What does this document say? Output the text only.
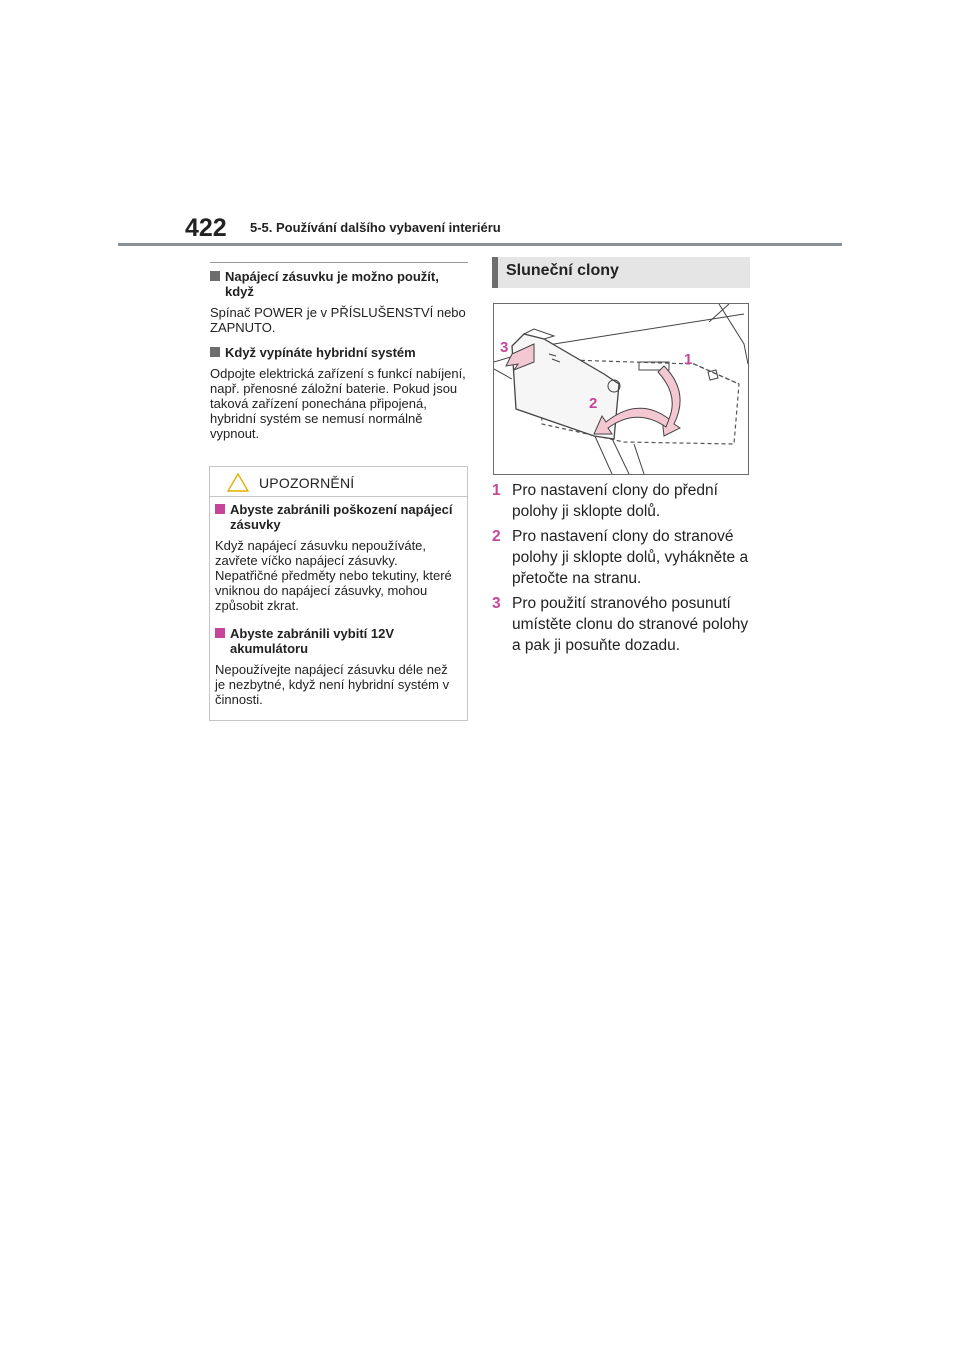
422 5-5. Používání dalšího vybavení interiéru
Napájecí zásuvku je možno použít, když
Spínač POWER je v PŘÍSLUŠENSTVÍ nebo ZAPNUTO.
Když vypínáte hybridní systém
Odpojte elektrická zařízení s funkcí nabíjení, např. přenosné záložní baterie. Pokud jsou taková zařízení ponechána připojená, hybridní systém se nemusí normálně vypnout.
UPOZORNĚNÍ
Abyste zabránili poškození napájecí zásuvky
Když napájecí zásuvku nepoužíváte, zavřete víčko napájecí zásuvky. Nepatřičné předměty nebo tekutiny, které vniknou do napájecí zásuvky, mohou způsobit zkrat.
Abyste zabránili vybití 12V akumulátoru
Nepoužívejte napájecí zásuvku déle než je nezbytné, když není hybridní systém v činnosti.
Sluneční clony
1
2
3
1 Pro nastavení clony do přední polohy ji sklopte dolů.
2 Pro nastavení clony do stranové polohy ji sklopte dolů, vyhákněte a přetočte na stranu.
3 Pro použití stranového posunutí umístěte clonu do stranové polohy a pak ji posuňte dozadu.
